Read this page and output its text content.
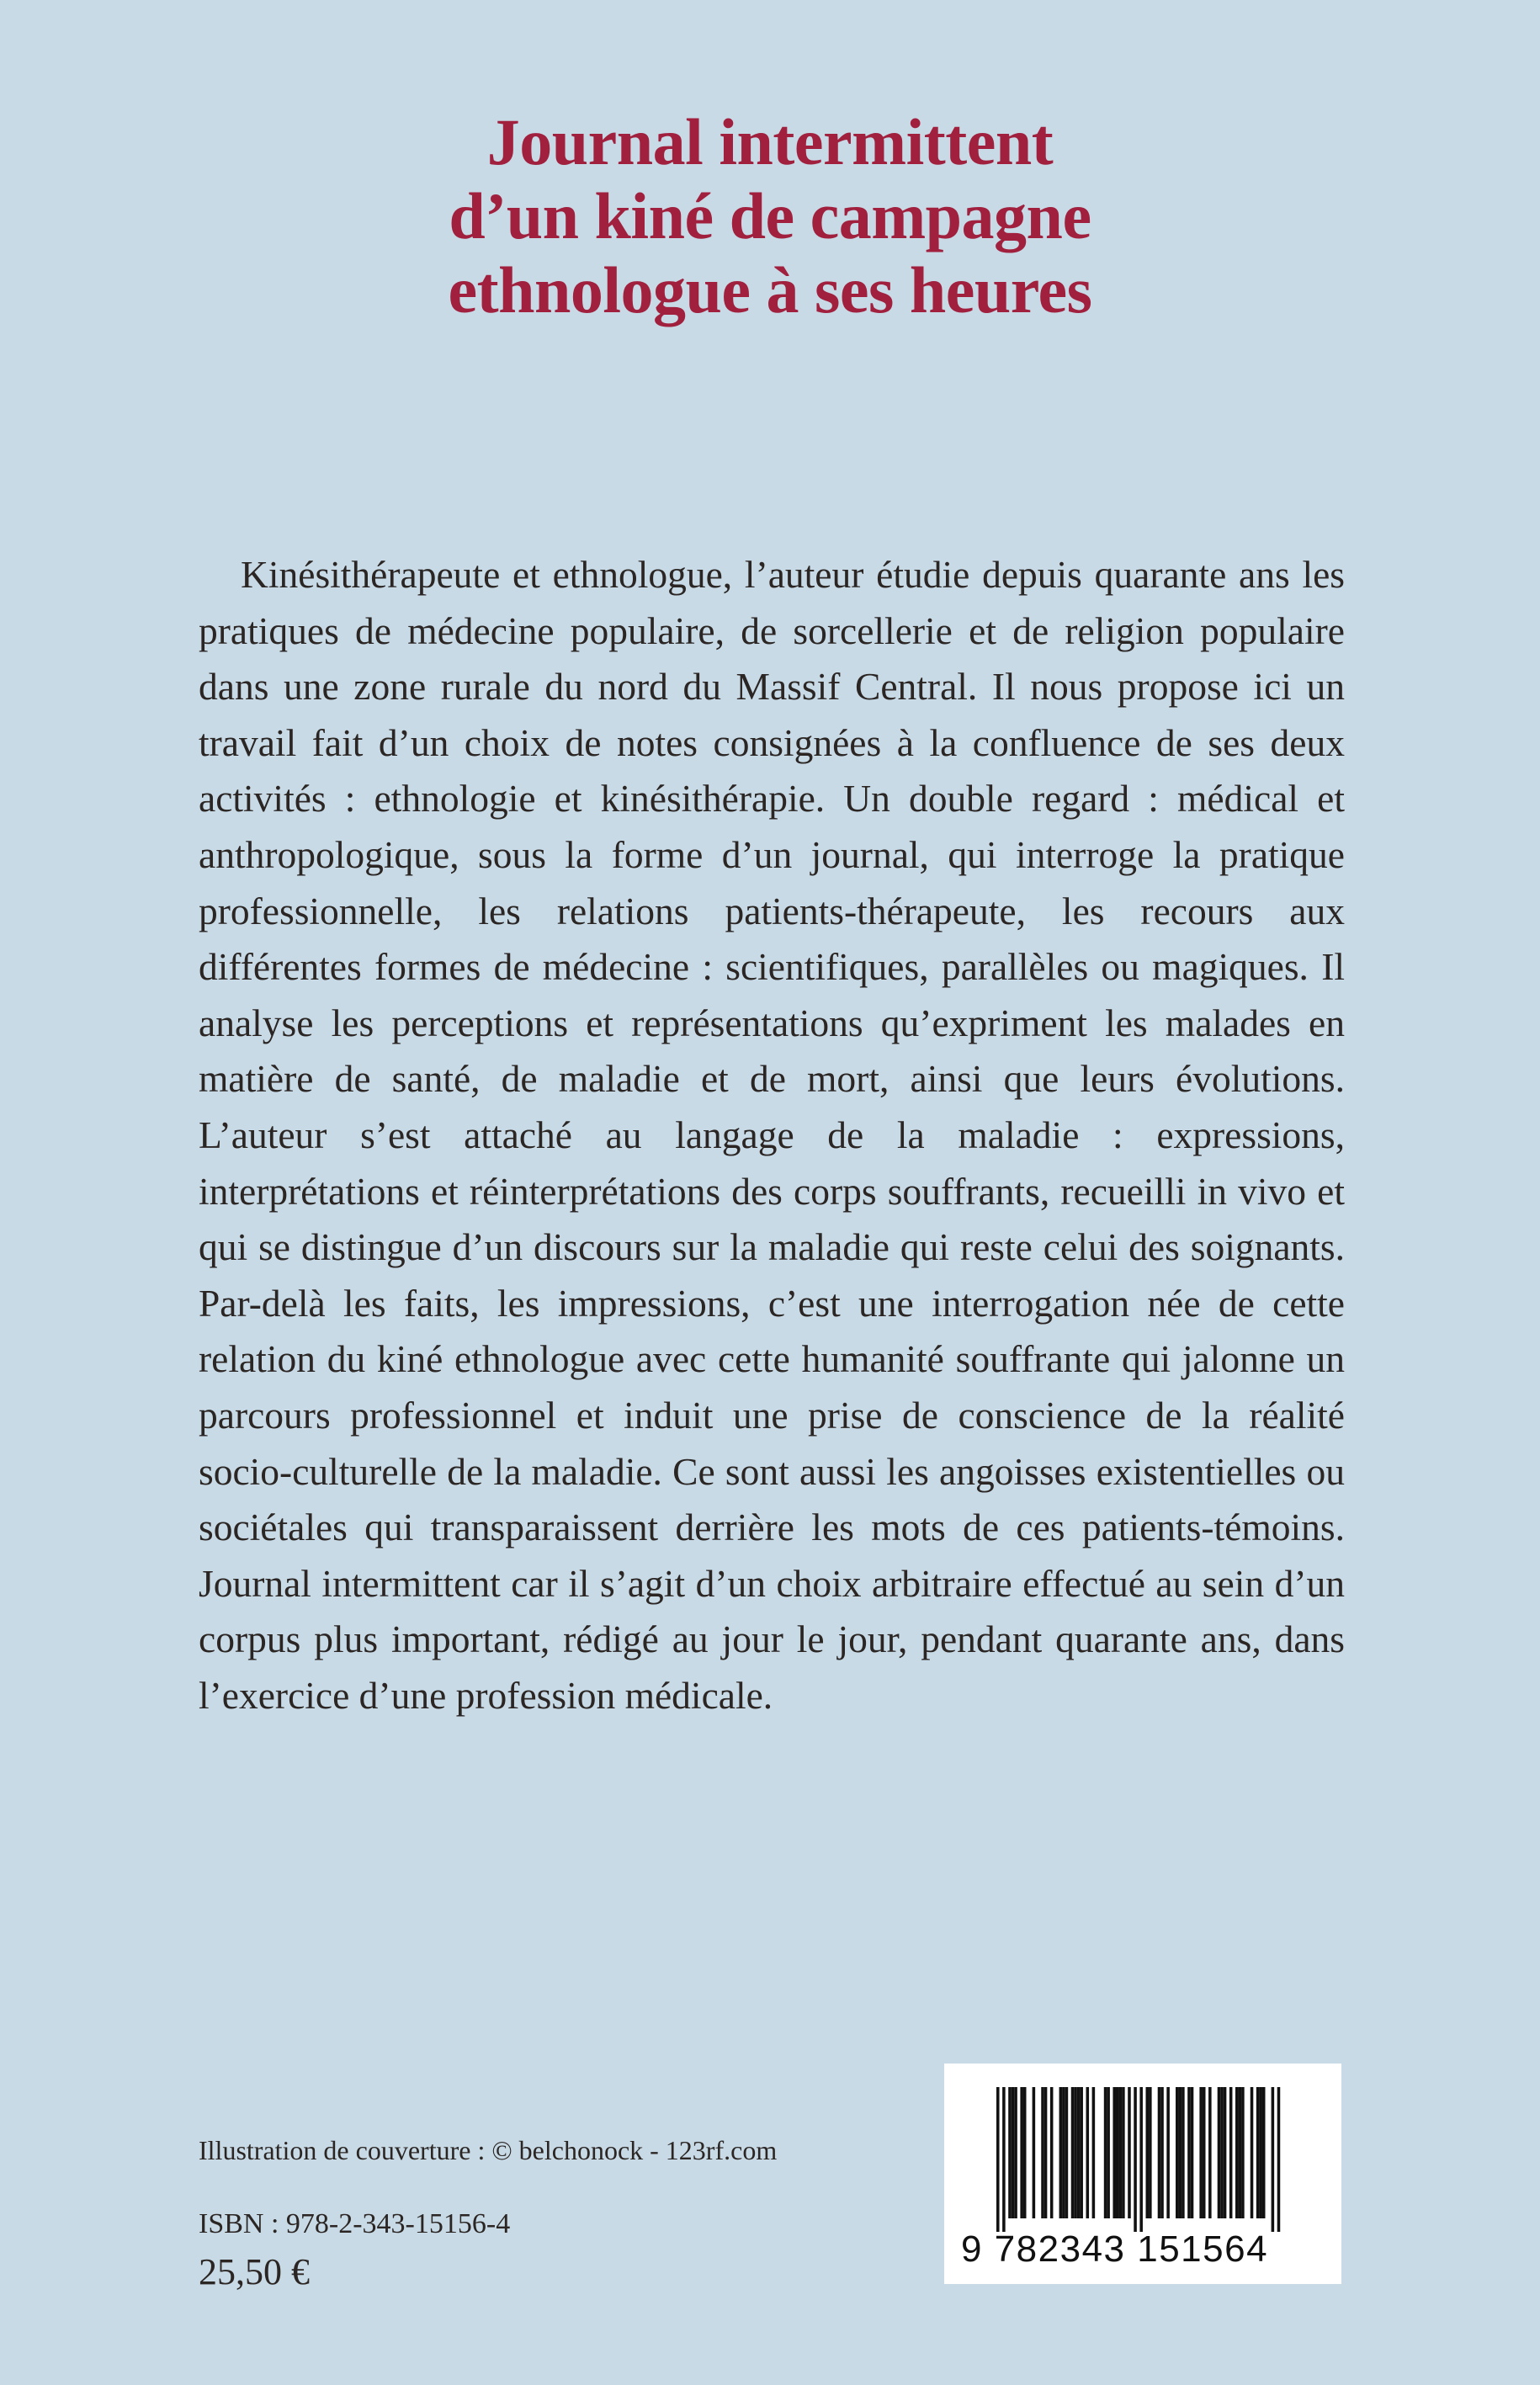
Journal intermittent
d’un kiné de campagne
ethnologue à ses heures

Kinésithérapeute et ethnologue, l’auteur étudie depuis quarante ans les pratiques de médecine populaire, de sorcellerie et de religion populaire dans une zone rurale du nord du Massif Central. Il nous propose ici un travail fait d’un choix de notes consignées à la confluence de ses deux activités : ethnologie et kinésithérapie. Un double regard : médical et anthropologique, sous la forme d’un journal, qui interroge la pratique professionnelle, les relations patients-thérapeute, les recours aux différentes formes de médecine : scientifiques, parallèles ou magiques. Il analyse les perceptions et représentations qu’expriment les malades en matière de santé, de maladie et de mort, ainsi que leurs évolutions. L’auteur s’est attaché au langage de la maladie : expressions, interprétations et réinterprétations des corps souffrants, recueilli in vivo et qui se distingue d’un discours sur la maladie qui reste celui des soignants. Par-delà les faits, les impressions, c’est une interrogation née de cette relation du kiné ethnologue avec cette humanité souffrante qui jalonne un parcours professionnel et induit une prise de conscience de la réalité socio-culturelle de la maladie. Ce sont aussi les angoisses existentielles ou sociétales qui transparaissent derrière les mots de ces patients-témoins. Journal intermittent car il s’agit d’un choix arbitraire effectué au sein d’un corpus plus important, rédigé au jour le jour, pendant quarante ans, dans l’exercice d’une profession médicale.

Illustration de couverture : © belchonock - 123rf.com
ISBN : 978-2-343-15156-4
25,50 €
9 782343 151564
